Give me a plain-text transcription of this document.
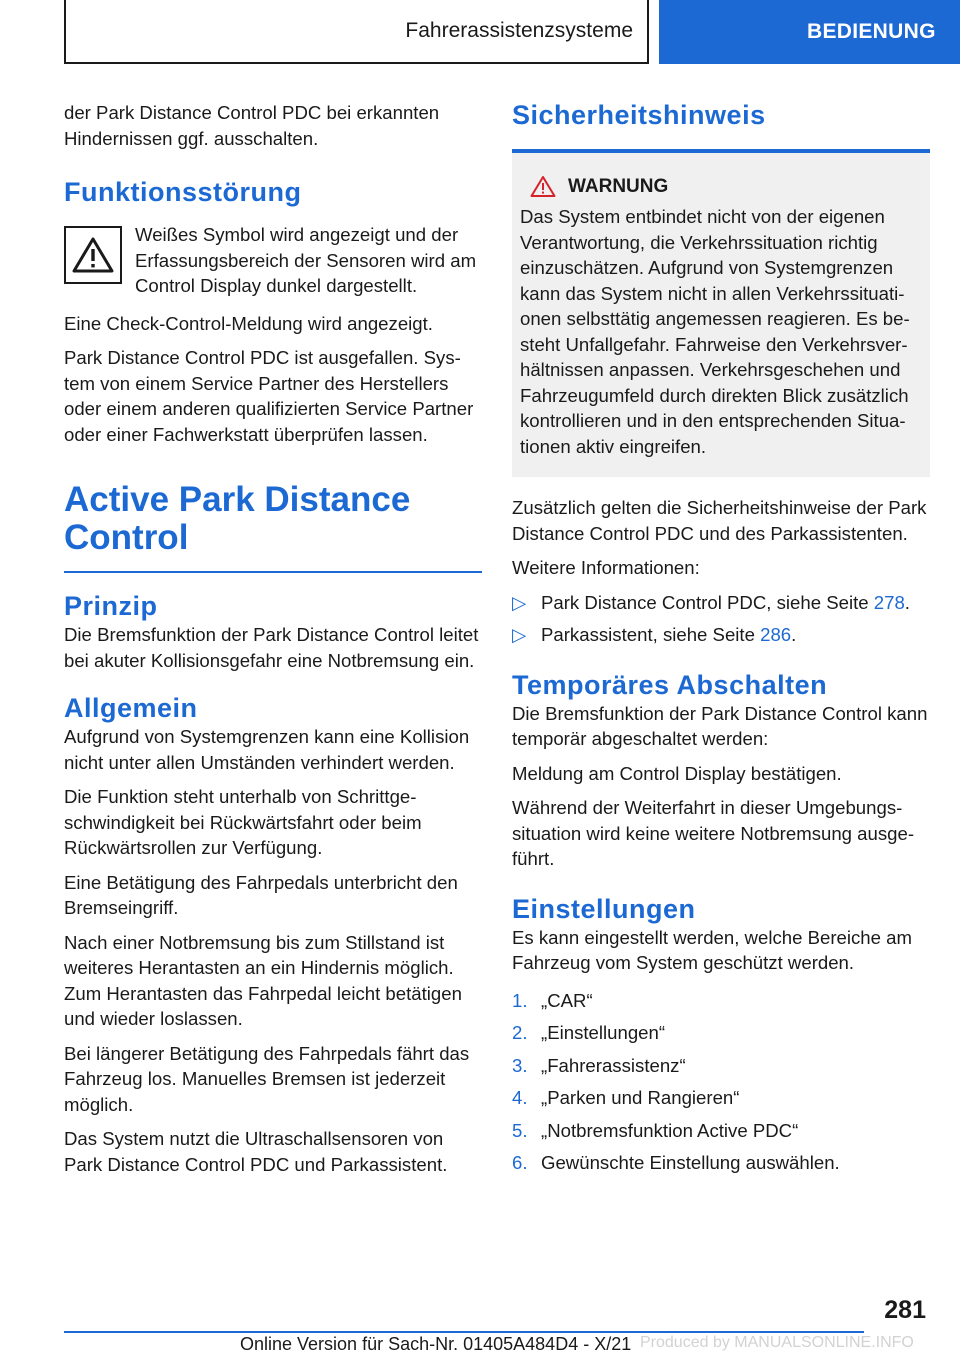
Fahrerassistenzsysteme	BEDIENUNG

der Park Distance Control PDC bei erkannten Hindernissen ggf. ausschalten.

Funktionsstörung
Weißes Symbol wird angezeigt und der Erfassungsbereich der Sensoren wird am Control Display dunkel dargestellt.

Eine Check-Control-Meldung wird angezeigt.

Park Distance Control PDC ist ausgefallen. System von einem Service Partner des Herstellers oder einem anderen qualifizierten Service Partner oder einer Fachwerkstatt überprüfen lassen.

Active Park Distance Control
Prinzip

Die Bremsfunktion der Park Distance Control leitet bei akuter Kollisionsgefahr eine Notbremsung ein.

Allgemein

Aufgrund von Systemgrenzen kann eine Kollision nicht unter allen Umständen verhindert werden.

Die Funktion steht unterhalb von Schrittgeschwindigkeit bei Rückwärtsfahrt oder beim Rückwärtsrollen zur Verfügung.

Eine Betätigung des Fahrpedals unterbricht den Bremseingriff.

Nach einer Notbremsung bis zum Stillstand ist weiteres Herantasten an ein Hindernis möglich. Zum Herantasten das Fahrpedal leicht betätigen und wieder loslassen.

Bei längerer Betätigung des Fahrpedals fährt das Fahrzeug los. Manuelles Bremsen ist jederzeit möglich.

Das System nutzt die Ultraschallsensoren von Park Distance Control PDC und Parkassistent.

Sicherheitshinweis
WARNUNG

Das System entbindet nicht von der eigenen Verantwortung, die Verkehrssituation richtig einzuschätzen. Aufgrund von Systemgrenzen kann das System nicht in allen Verkehrssituationen selbsttätig angemessen reagieren. Es besteht Unfallgefahr. Fahrweise den Verkehrsverhältnissen anpassen. Verkehrsgeschehen und Fahrzeugumfeld durch direkten Blick zusätzlich kontrollieren und in den entsprechenden Situationen aktiv eingreifen.

Zusätzlich gelten die Sicherheitshinweise der Park Distance Control PDC und des Parkassistenten.

Weitere Informationen:

▷ Park Distance Control PDC, siehe Seite 278.
▷ Parkassistent, siehe Seite 286.
Temporäres Abschalten

Die Bremsfunktion der Park Distance Control kann temporär abgeschaltet werden:

Meldung am Control Display bestätigen.

Während der Weiterfahrt in dieser Umgebungssituation wird keine weitere Notbremsung ausgeführt.

Einstellungen

Es kann eingestellt werden, welche Bereiche am Fahrzeug vom System geschützt werden.

1. „CAR“
2. „Einstellungen“
3. „Fahrerassistenz“
4. „Parken und Rangieren“
5. „Notbremsfunktion Active PDC“
6. Gewünschte Einstellung auswählen.
281
Online Version für Sach-Nr. 01405A484D4 - X/21 Produced by MANUALSONLINE.INFO
